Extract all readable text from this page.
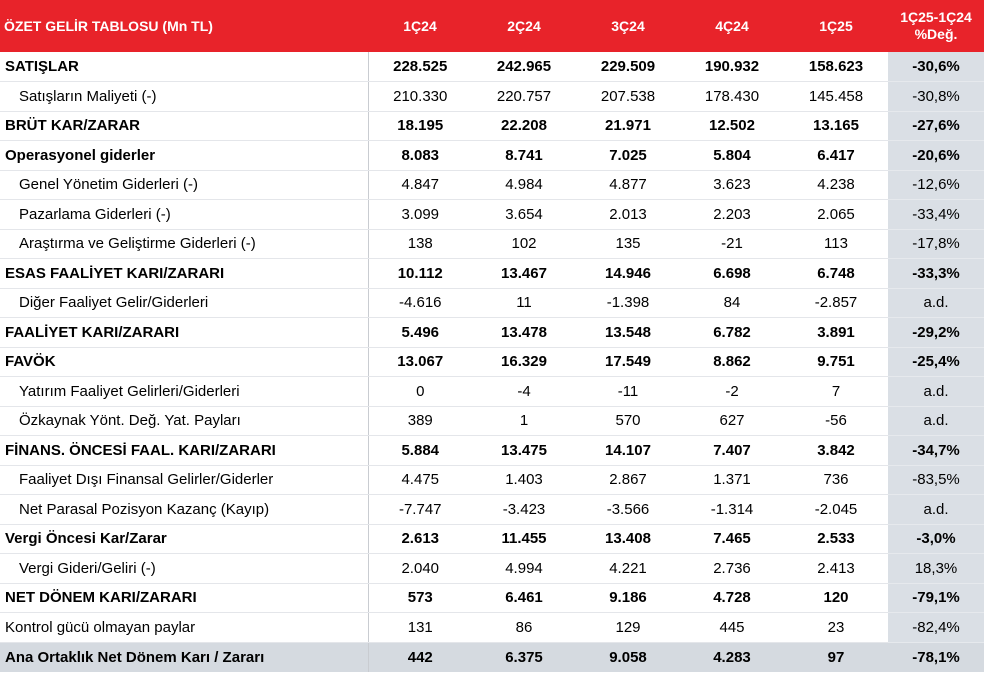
ÖZET GELİR TABLOSU (Mn TL)	1Ç24	2Ç24	3Ç24	4Ç24	1Ç25	1Ç25-1Ç24
%Değ.
SATIŞLAR	228.525	242.965	229.509	190.932	158.623	-30,6%
Satışların Maliyeti (-)	210.330	220.757	207.538	178.430	145.458	-30,8%
BRÜT KAR/ZARAR	18.195	22.208	21.971	12.502	13.165	-27,6%
Operasyonel giderler	8.083	8.741	7.025	5.804	6.417	-20,6%
Genel Yönetim Giderleri (-)	4.847	4.984	4.877	3.623	4.238	-12,6%
Pazarlama Giderleri (-)	3.099	3.654	2.013	2.203	2.065	-33,4%
Araştırma ve Geliştirme Giderleri (-)	138	102	135	-21	113	-17,8%
ESAS FAALİYET KARI/ZARARI	10.112	13.467	14.946	6.698	6.748	-33,3%
Diğer Faaliyet Gelir/Giderleri	-4.616	11	-1.398	84	-2.857	a.d.
FAALİYET KARI/ZARARI	5.496	13.478	13.548	6.782	3.891	-29,2%
FAVÖK	13.067	16.329	17.549	8.862	9.751	-25,4%
Yatırım Faaliyet Gelirleri/Giderleri	0	-4	-11	-2	7	a.d.
Özkaynak Yönt. Değ. Yat. Payları	389	1	570	627	-56	a.d.
FİNANS. ÖNCESİ FAAL. KARI/ZARARI	5.884	13.475	14.107	7.407	3.842	-34,7%
Faaliyet Dışı Finansal Gelirler/Giderler	4.475	1.403	2.867	1.371	736	-83,5%
Net Parasal Pozisyon Kazanç (Kayıp)	-7.747	-3.423	-3.566	-1.314	-2.045	a.d.
Vergi Öncesi Kar/Zarar	2.613	11.455	13.408	7.465	2.533	-3,0%
Vergi Gideri/Geliri (-)	2.040	4.994	4.221	2.736	2.413	18,3%
NET DÖNEM KARI/ZARARI	573	6.461	9.186	4.728	120	-79,1%
Kontrol gücü olmayan paylar	131	86	129	445	23	-82,4%
Ana Ortaklık Net Dönem Karı / Zararı	442	6.375	9.058	4.283	97	-78,1%
